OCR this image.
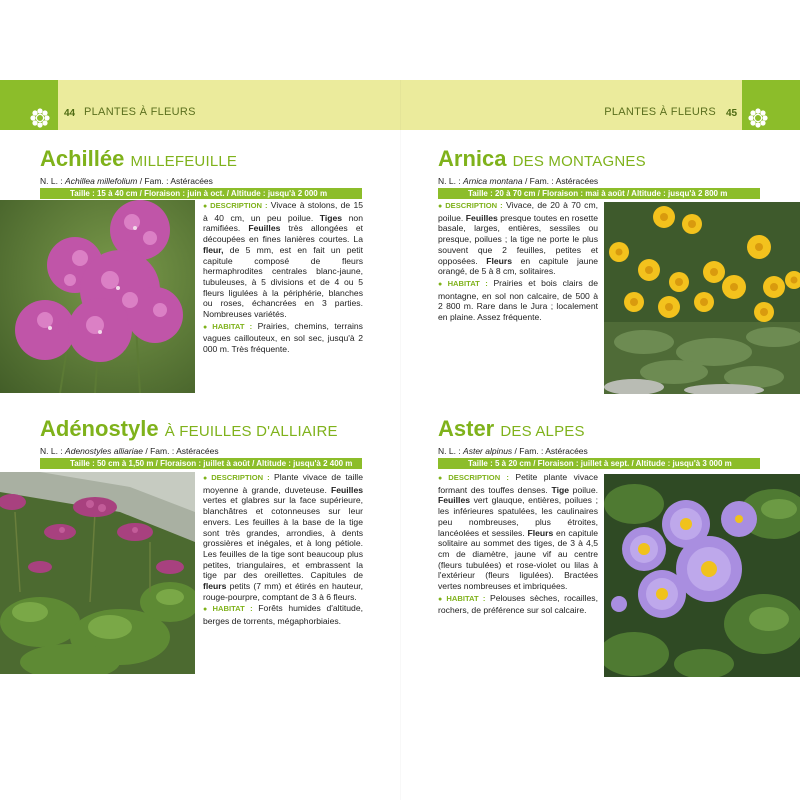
44 PLANTES À FLEURS	PLANTES À FLEURS 45
Achillée MILLEFEUILLE
N. L. : Achillea millefolium / Fam. : Astéracées
Taille : 15 à 40 cm / Floraison : juin à oct. / Altitude : jusqu'à 2 000 m

● DESCRIPTION : Vivace à stolons, de 15 à 40 cm, un peu poilue. Tiges non ramifiées. Feuilles très allongées et découpées en fines lanières courtes. La fleur, de 5 mm, est en fait un petit capitule composé de fleurs hermaphrodites centrales blanc-jaune, tubuleuses, à 5 divisions et de 4 ou 5 fleurs ligulées à la périphérie, blanches ou roses, échancrées en 3 parties. Nombreuses variétés.

● HABITAT : Prairies, chemins, terrains vagues caillouteux, en sol sec, jusqu'à 2 000 m. Très fréquente.

Arnica DES MONTAGNES
N. L. : Arnica montana / Fam. : Astéracées
Taille : 20 à 70 cm / Floraison : mai à août / Altitude : jusqu'à 2 800 m

● DESCRIPTION : Vivace, de 20 à 70 cm, poilue. Feuilles presque toutes en rosette basale, larges, entières, sessiles ou presque, poilues ; la tige ne porte le plus souvent que 2 feuilles, petites et opposées. Fleurs en capitule jaune orangé, de 5 à 8 cm, solitaires.

● HABITAT : Prairies et bois clairs de montagne, en sol non calcaire, de 500 à 2 800 m. Rare dans le Jura ; localement en plaine. Assez fréquente.

Adénostyle À FEUILLES D'ALLIAIRE
N. L. : Adenostyles alliariae / Fam. : Astéracées
Taille : 50 cm à 1,50 m / Floraison : juillet à août / Altitude : jusqu'à 2 400 m

● DESCRIPTION : Plante vivace de taille moyenne à grande, duveteuse. Feuilles vertes et glabres sur la face supérieure, blanchâtres et cotonneuses sur leur envers. Les feuilles à la base de la tige sont très grandes, arrondies, à dents grossières et inégales, et à long pétiole. Les feuilles de la tige sont beaucoup plus petites, triangulaires, et embrassent la tige par des oreillettes. Capitules de fleurs petits (7 mm) et étirés en hauteur, rouge-pourpre, comptant de 3 à 6 fleurs.

● HABITAT : Forêts humides d'altitude, berges de torrents, mégaphorbiaies.

Aster DES ALPES
N. L. : Aster alpinus / Fam. : Astéracées
Taille : 5 à 20 cm / Floraison : juillet à sept. / Altitude : jusqu'à 3 000 m

● DESCRIPTION : Petite plante vivace formant des touffes denses. Tige poilue. Feuilles vert glauque, entières, poilues ; les inférieures spatulées, les caulinaires peu nombreuses, plus étroites, lancéolées et sessiles. Fleurs en capitule solitaire au sommet des tiges, de 3 à 4,5 cm de diamètre, jaune vif au centre (fleurs tubulées) et rose-violet ou lilas à l'extérieur (fleurs ligulées). Bractées vertes nombreuses et imbriquées.

● HABITAT : Pelouses sèches, rocailles, rochers, de préférence sur sol calcaire.
